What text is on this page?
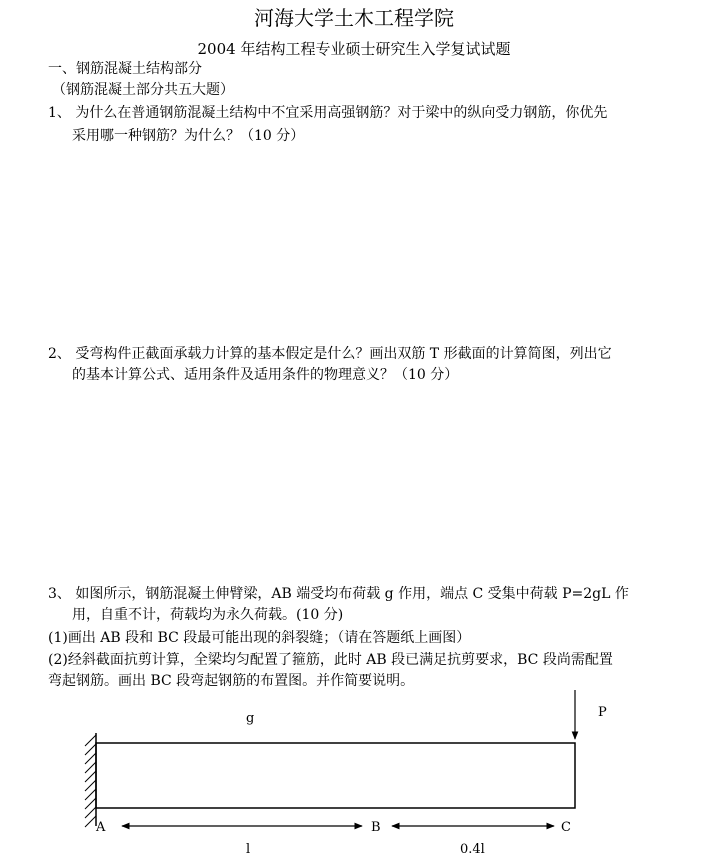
河海大学土木工程学院
2004 年结构工程专业硕士研究生入学复试试题
一、钢筋混凝土结构部分
（钢筋混凝土部分共五大题）
1、 为什么在普通钢筋混凝土结构中不宜采用高强钢筋？对于梁中的纵向受力钢筋，你优先
采用哪一种钢筋？为什么？（10 分）
2、 受弯构件正截面承载力计算的基本假定是什么？画出双筋 T 形截面的计算简图，列出它
的基本计算公式、适用条件及适用条件的物理意义？（10 分）
3、 如图所示，钢筋混凝土伸臂梁，AB 端受均布荷载 g 作用，端点 C 受集中荷载 P=2gL 作
用，自重不计，荷载均为永久荷载。(10 分)
(1)画出 AB 段和 BC 段最可能出现的斜裂缝；（请在答题纸上画图）
(2)经斜截面抗剪计算，全梁均匀配置了箍筋，此时 AB 段已满足抗剪要求，BC 段尚需配置
弯起钢筋。画出 BC 段弯起钢筋的布置图。并作简要说明。
g	P
A	B	C
l	0.4l
